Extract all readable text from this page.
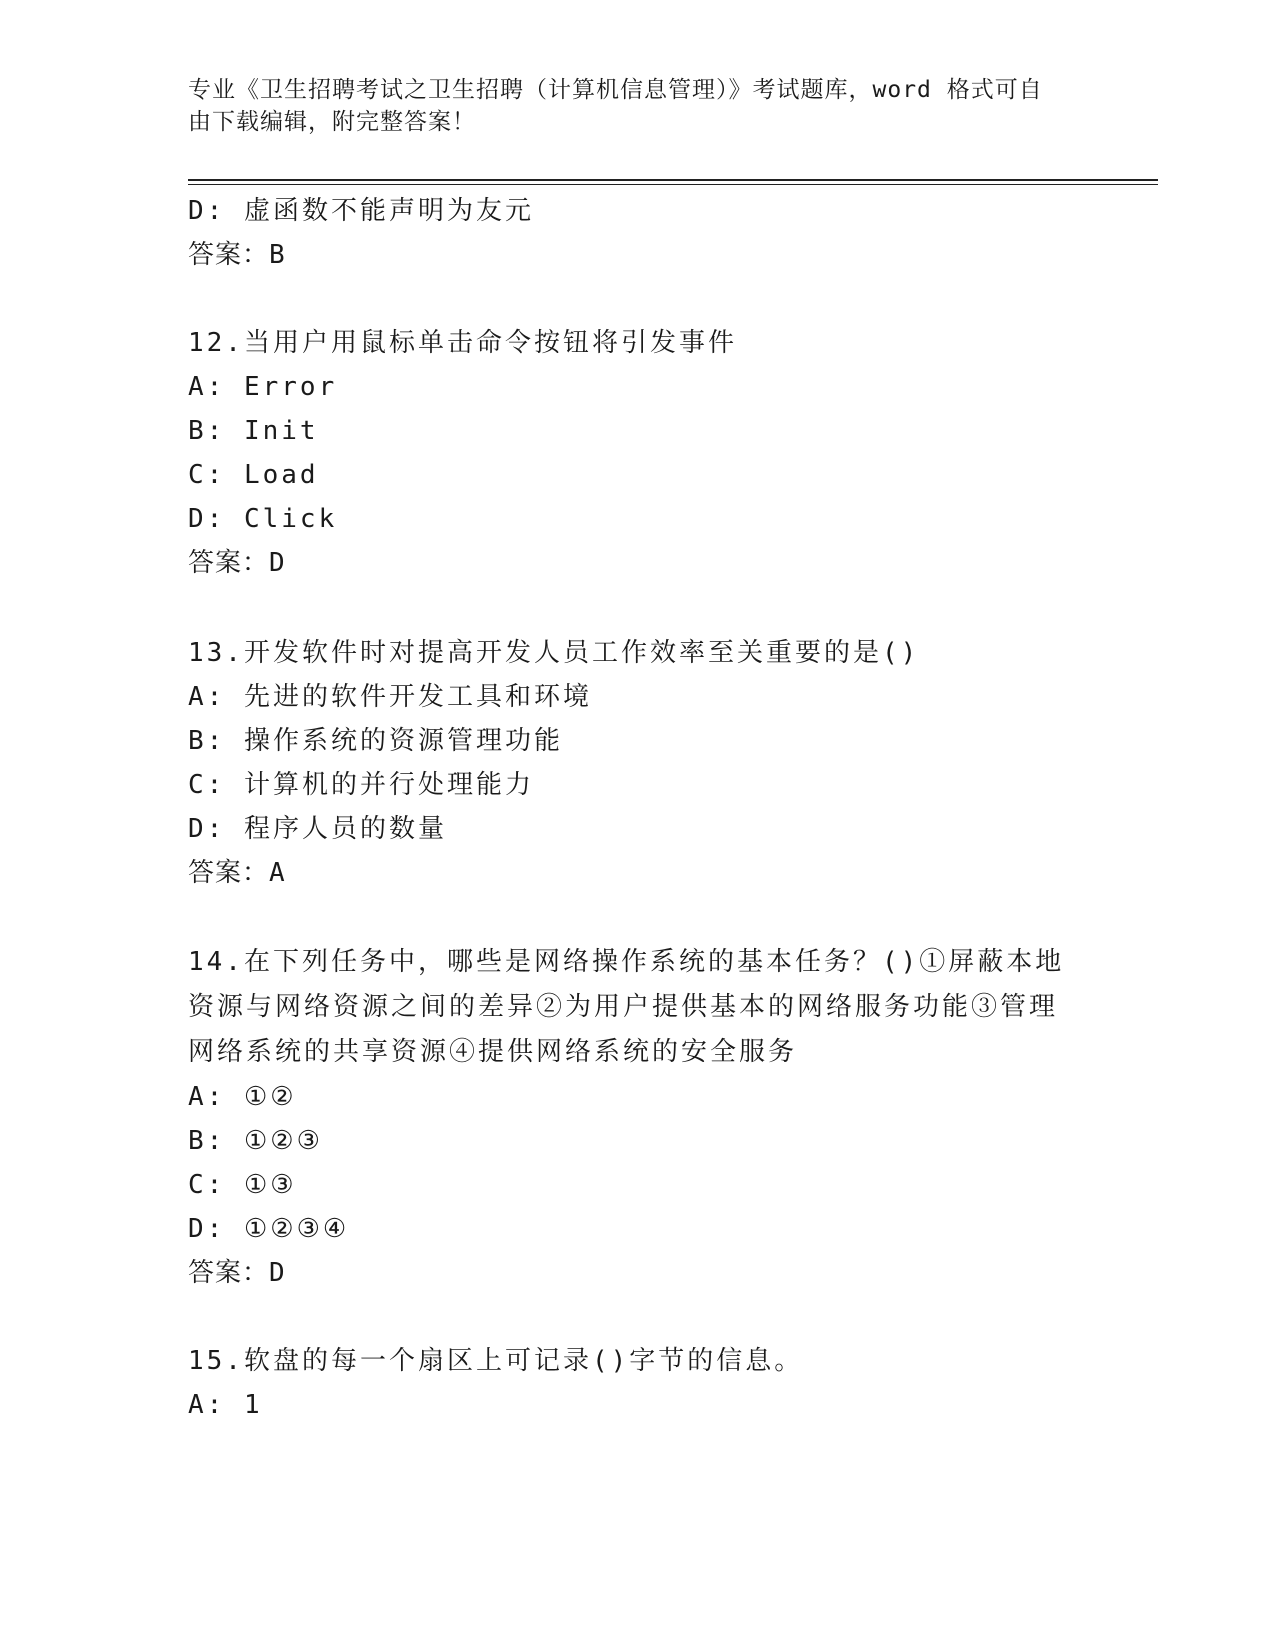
专业《卫生招聘考试之卫生招聘（计算机信息管理）》考试题库，word 格式可自
由下载编辑，附完整答案！

D: 虚函数不能声明为友元

答案：B

12.当用户用鼠标单击命令按钮将引发事件

A: Error

B: Init

C: Load

D: Click

答案：D

13.开发软件时对提高开发人员工作效率至关重要的是()

A: 先进的软件开发工具和环境

B: 操作系统的资源管理功能

C: 计算机的并行处理能力

D: 程序人员的数量

答案：A

14.在下列任务中，哪些是网络操作系统的基本任务？()①屏蔽本地资源与网络资源之间的差异②为用户提供基本的网络服务功能③管理网络系统的共享资源④提供网络系统的安全服务

A: ①②

B: ①②③

C: ①③

D: ①②③④

答案：D

15.软盘的每一个扇区上可记录()字节的信息。

A: 1
